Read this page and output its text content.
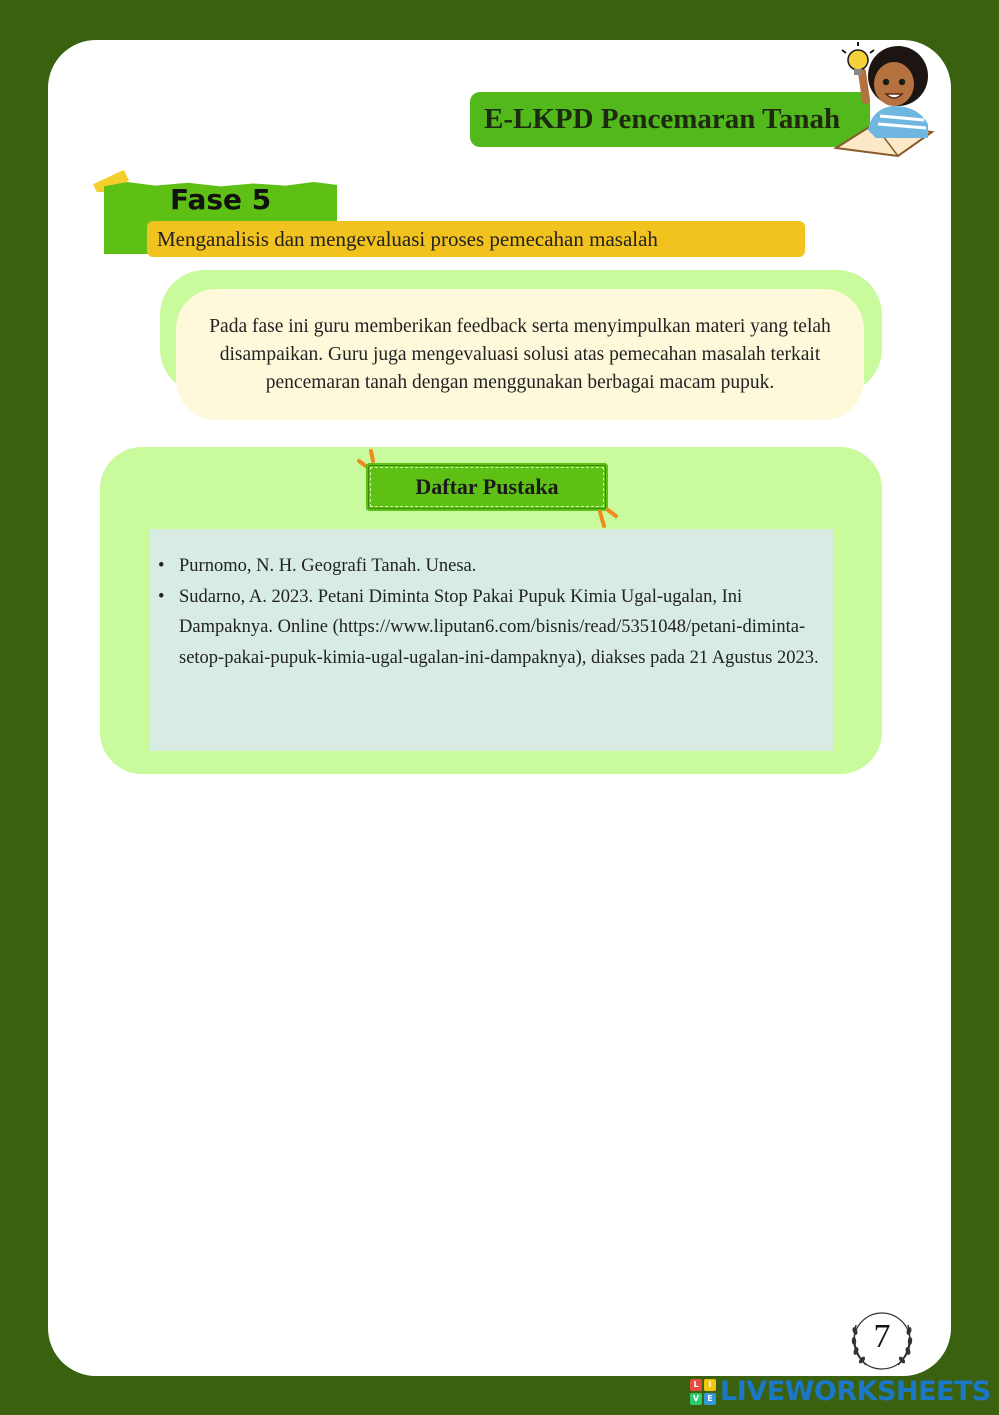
E-LKPD Pencemaran Tanah
Fase 5
Menganalisis dan mengevaluasi proses pemecahan masalah

Pada fase ini guru memberikan feedback serta menyimpulkan materi yang telah disampaikan. Guru juga mengevaluasi solusi atas pemecahan masalah terkait pencemaran tanah dengan menggunakan berbagai macam pupuk.

Daftar Pustaka
• Purnomo, N. H. Geografi Tanah. Unesa.
• Sudarno, A. 2023. Petani Diminta Stop Pakai Pupuk Kimia Ugal-ugalan, Ini Dampaknya. Online (https://www.liputan6.com/bisnis/read/5351048/petani-diminta-setop-pakai-pupuk-kimia-ugal-ugalan-ini-dampaknya), diakses pada 21 Agustus 2023.
7
L	I
V	E LIVEWORKSHEETS
